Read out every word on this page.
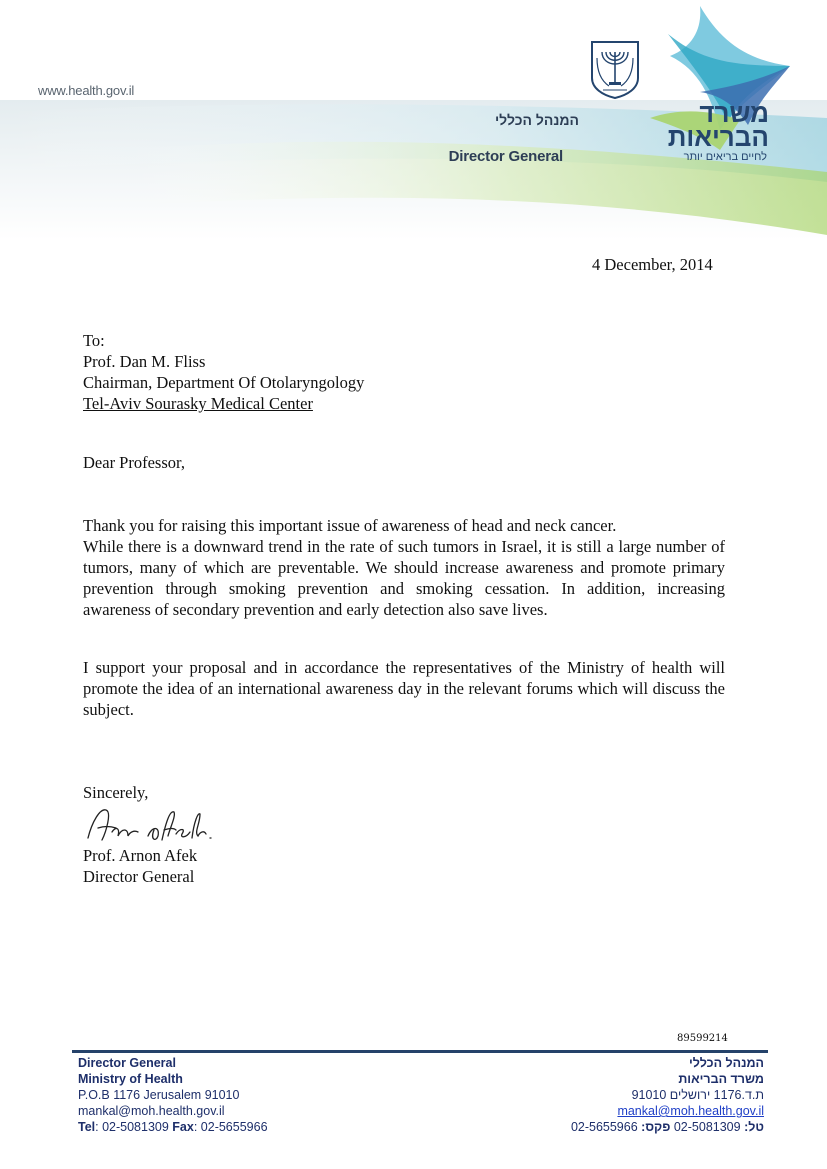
www.health.gov.il
המנהל הכללי
Director General
משרד
הבריאות
לחיים בריאים יותר
4 December, 2014
To:
Prof. Dan M. Fliss
Chairman, Department Of Otolaryngology
Tel-Aviv Sourasky Medical Center
Dear Professor,

Thank you for raising this important issue of awareness of head and neck cancer.

While there is a downward trend in the rate of such tumors in Israel, it is still a large number of tumors, many of which are preventable. We should increase awareness and promote primary prevention through smoking prevention and smoking cessation. In addition, increasing awareness of secondary prevention and early detection also save lives.

I support your proposal and in accordance the representatives of the Ministry of health will promote the idea of an international awareness day in the relevant forums which will discuss the subject.

Sincerely,
Prof. Arnon Afek
Director General
89599214
Director General
Ministry of Health
P.O.B 1176 Jerusalem 91010
mankal@moh.health.gov.il
Tel: 02-5081309 Fax: 02-5655966
המנהל הכללי
משרד הבריאות
ת.ד.1176 ירושלים 91010
mankal@moh.health.gov.il
טל: 02-5081309 פקס: 02-5655966
